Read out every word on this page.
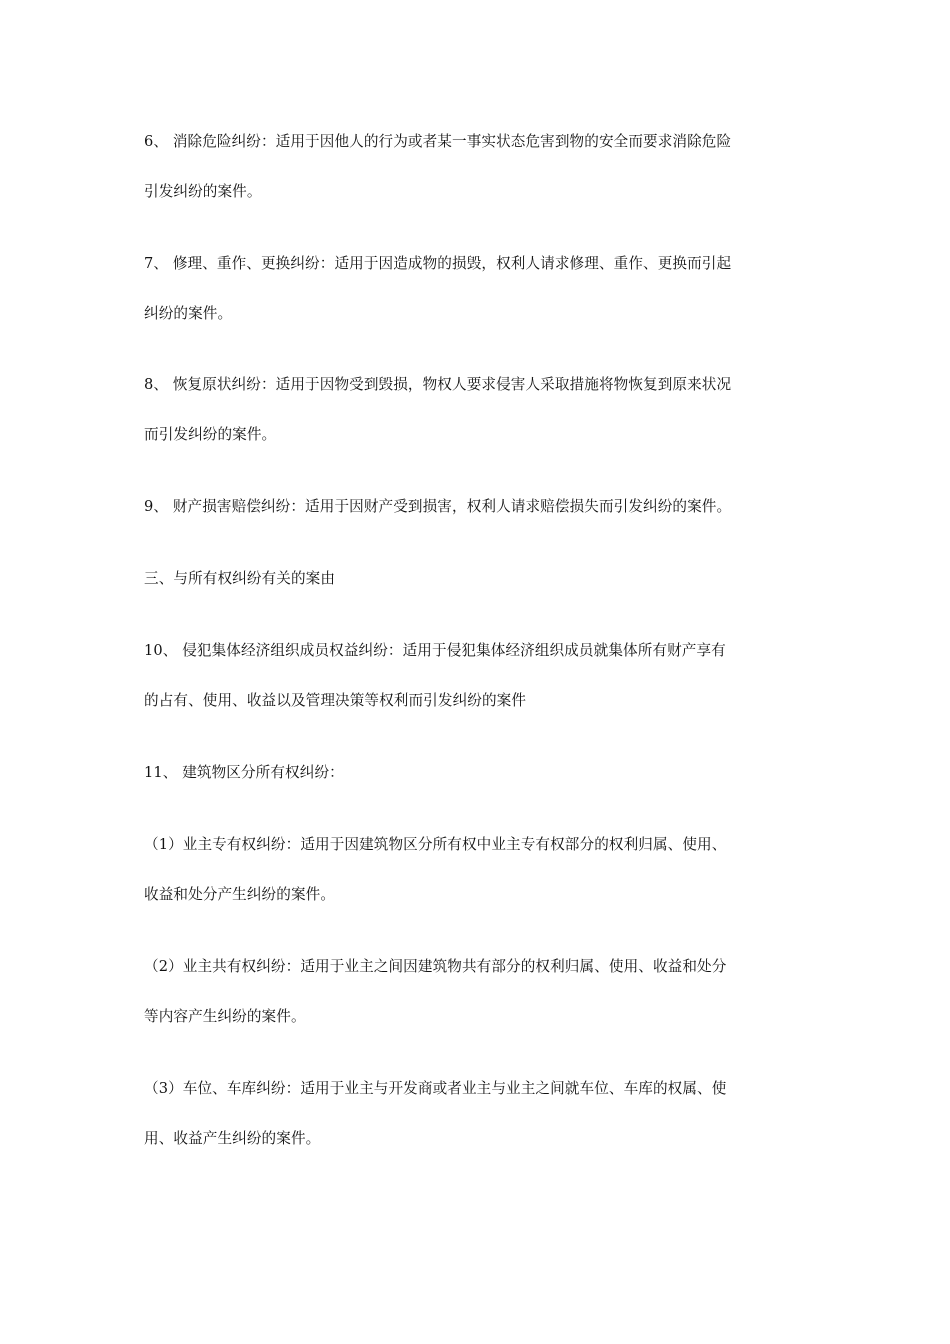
6、 消除危险纠纷：适用于因他人的行为或者某一事实状态危害到物的安全而要求消除危险
引发纠纷的案件。
7、 修理、重作、更换纠纷：适用于因造成物的损毁，权利人请求修理、重作、更换而引起
纠纷的案件。
8、 恢复原状纠纷：适用于因物受到毁损，物权人要求侵害人采取措施将物恢复到原来状况
而引发纠纷的案件。
9、 财产损害赔偿纠纷：适用于因财产受到损害，权利人请求赔偿损失而引发纠纷的案件。
三、与所有权纠纷有关的案由
10、 侵犯集体经济组织成员权益纠纷：适用于侵犯集体经济组织成员就集体所有财产享有
的占有、使用、收益以及管理决策等权利而引发纠纷的案件
11、 建筑物区分所有权纠纷：
（1）业主专有权纠纷：适用于因建筑物区分所有权中业主专有权部分的权利归属、使用、
收益和处分产生纠纷的案件。
（2）业主共有权纠纷：适用于业主之间因建筑物共有部分的权利归属、使用、收益和处分
等内容产生纠纷的案件。
（3）车位、车库纠纷：适用于业主与开发商或者业主与业主之间就车位、车库的权属、使
用、收益产生纠纷的案件。
